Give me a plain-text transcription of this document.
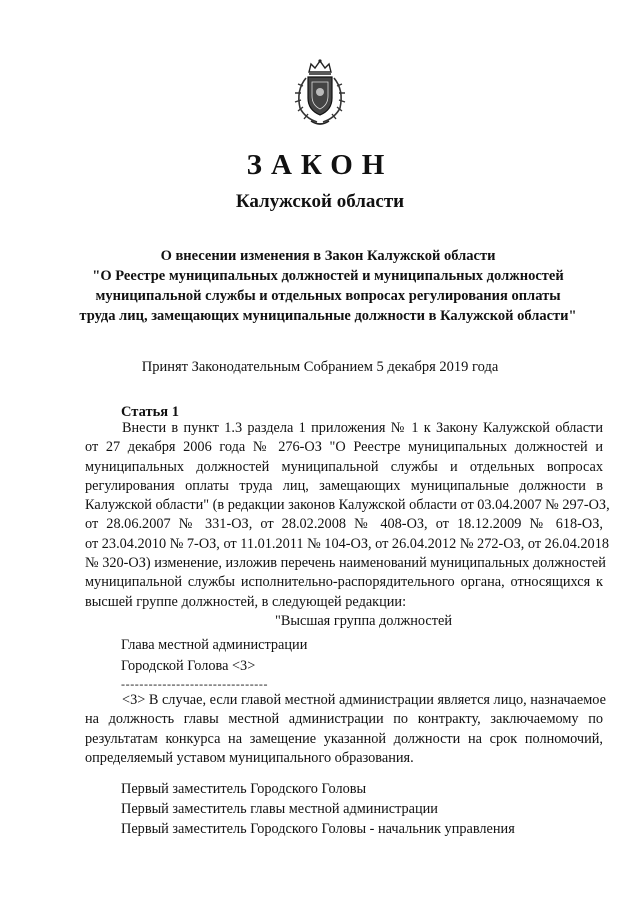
ЗАКОН
Калужской области
О внесении изменения в Закон Калужской области
"О Реестре муниципальных должностей и муниципальных должностей
муниципальной службы и отдельных вопросах регулирования оплаты
труда лиц, замещающих муниципальные должности в Калужской области"
Принят Законодательным Собранием 5 декабря 2019 года
Статья 1
Внести в пункт 1.3 раздела 1 приложения № 1 к Закону Калужской области
от 27 декабря 2006 года № 276-ОЗ "О Реестре муниципальных должностей и
муниципальных должностей муниципальной службы и отдельных вопросах
регулирования оплаты труда лиц, замещающих муниципальные должности в
Калужской области" (в редакции законов Калужской области от 03.04.2007 № 297-ОЗ,
от 28.06.2007 № 331-ОЗ, от 28.02.2008 № 408-ОЗ, от 18.12.2009 № 618-ОЗ,
от 23.04.2010 № 7-ОЗ, от 11.01.2011 № 104-ОЗ, от 26.04.2012 № 272-ОЗ, от 26.04.2018
№ 320-ОЗ) изменение, изложив перечень наименований муниципальных должностей
муниципальной службы исполнительно-распорядительного органа, относящихся к
высшей группе должностей, в следующей редакции:
"Высшая группа должностей
Глава местной администрации
Городской Голова <3>
--------------------------------
<3> В случае, если главой местной администрации является лицо, назначаемое
на должность главы местной администрации по контракту, заключаемому по
результатам конкурса на замещение указанной должности на срок полномочий,
определяемый уставом муниципального образования.
Первый заместитель Городского Головы
Первый заместитель главы местной администрации
Первый заместитель Городского Головы - начальник управления
